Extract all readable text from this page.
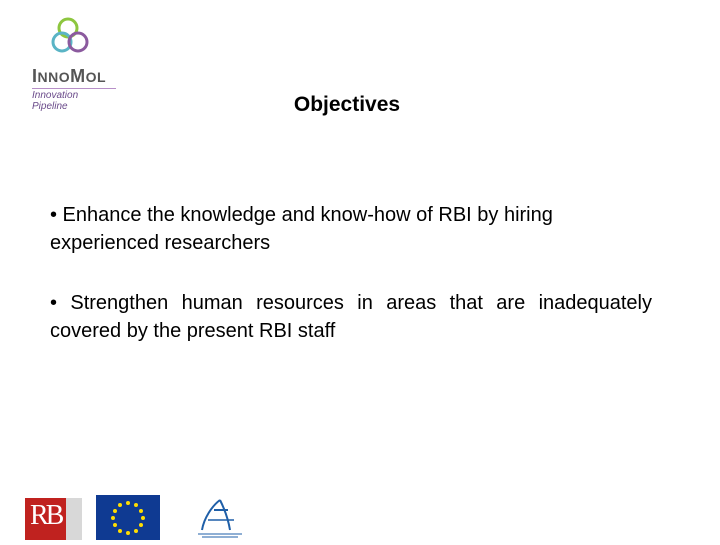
INNOMOL
Innovation Pipeline	Objectives
• Enhance the knowledge and know-how of RBI by hiring experienced researchers
• Strengthen human resources in areas that are inadequately covered by the present RBI staff
RB
